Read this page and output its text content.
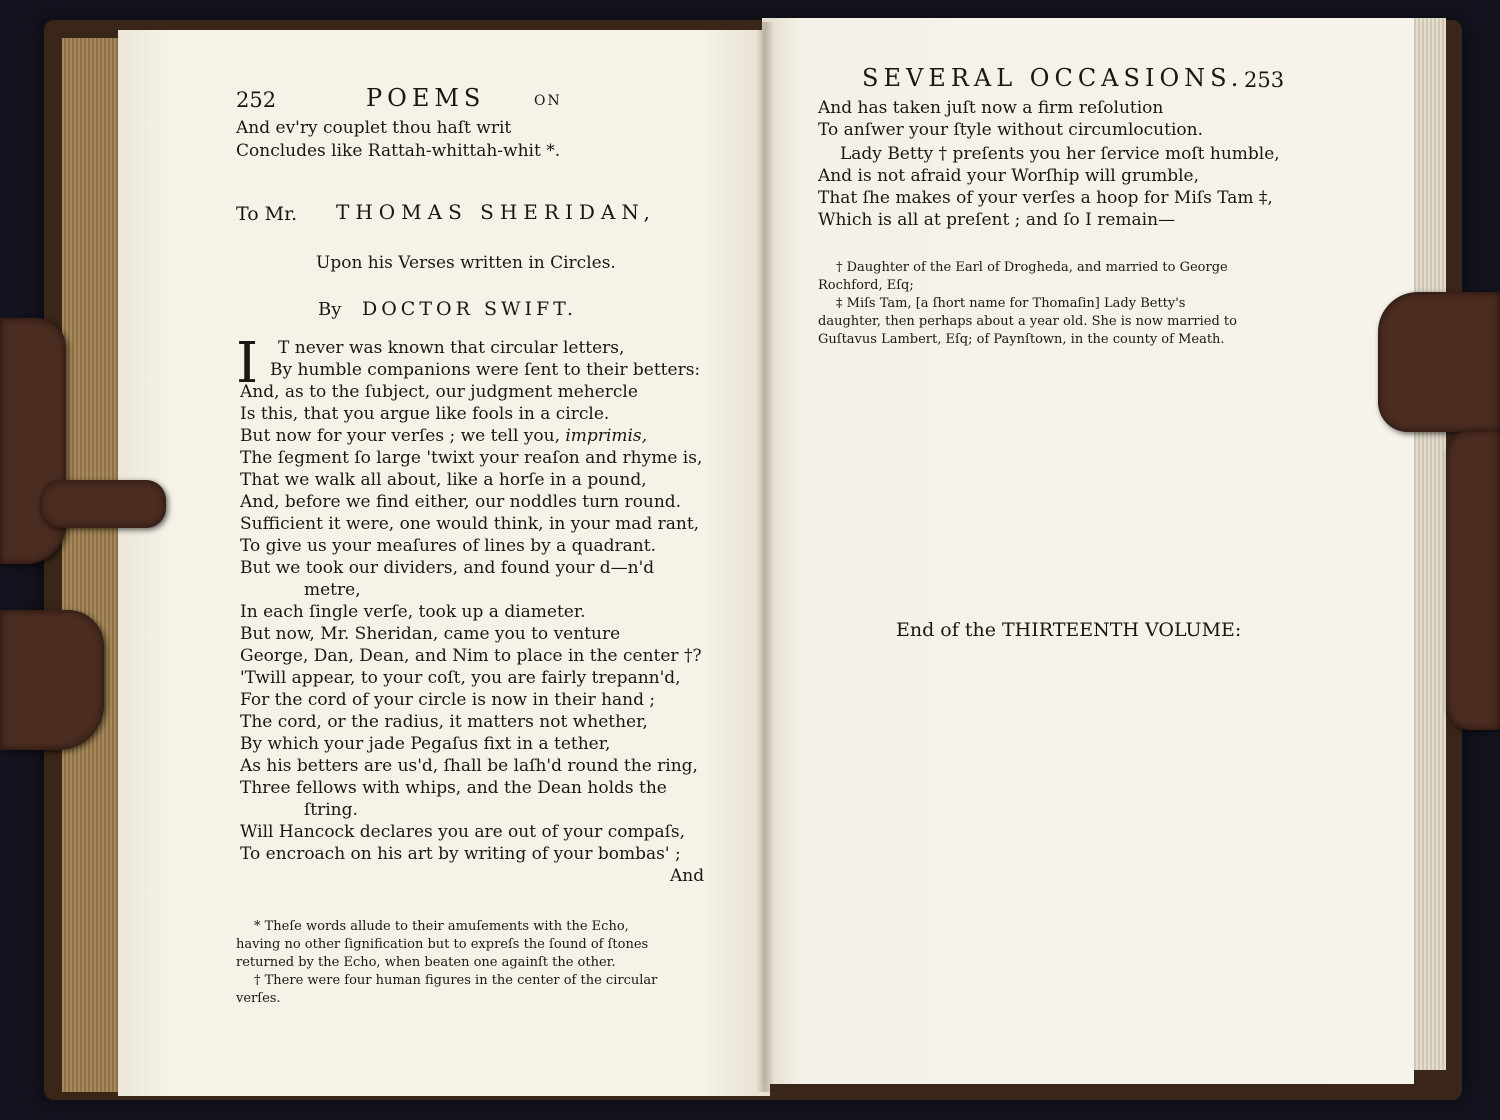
252	POEMS	ON
And ev'ry couplet thou haſt writ
Concludes like Rattah-whittah-whit *.
To Mr. THOMAS SHERIDAN,
Upon his Verses written in Circles.
By DOCTOR SWIFT.
I T never was known that circular letters,
By humble companions were ſent to their betters:
And, as to the ſubject, our judgment mehercle
Is this, that you argue like fools in a circle.
But now for your verſes ; we tell you, imprimis,
The ſegment ſo large 'twixt your reaſon and rhyme is,
That we walk all about, like a horſe in a pound,
And, before we find either, our noddles turn round.
Sufficient it were, one would think, in your mad rant,
To give us your meaſures of lines by a quadrant.
But we took our dividers, and found your d—n'd
metre,
In each ſingle verſe, took up a diameter.
But now, Mr. Sheridan, came you to venture
George, Dan, Dean, and Nim to place in the center †?
'Twill appear, to your coſt, you are fairly trepann'd,
For the cord of your circle is now in their hand ;
The cord, or the radius, it matters not whether,
By which your jade Pegaſus fixt in a tether,
As his betters are us'd, ſhall be laſh'd round the ring,
Three fellows with whips, and the Dean holds the
ſtring.
Will Hancock declares you are out of your compaſs,
To encroach on his art by writing of your bombas' ;
And
* Theſe words allude to their amuſements with the Echo,
having no other ſignification but to expreſs the ſound of ſtones
returned by the Echo, when beaten one againſt the other.
† There were four human figures in the center of the circular
verſes.
SEVERAL OCCASIONS. 253
And has taken juſt now a firm reſolution
To anſwer your ſtyle without circumlocution.
Lady Betty † preſents you her ſervice moſt humble,
And is not afraid your Worſhip will grumble,
That ſhe makes of your verſes a hoop for Miſs Tam ‡,
Which is all at preſent ; and ſo I remain—
† Daughter of the Earl of Drogheda, and married to George
Rochford, Eſq;
‡ Miſs Tam, [a ſhort name for Thomaſin] Lady Betty's
daughter, then perhaps about a year old. She is now married to
Guſtavus Lambert, Eſq; of Paynſtown, in the county of Meath.
End of the THIRTEENTH VOLUME:
